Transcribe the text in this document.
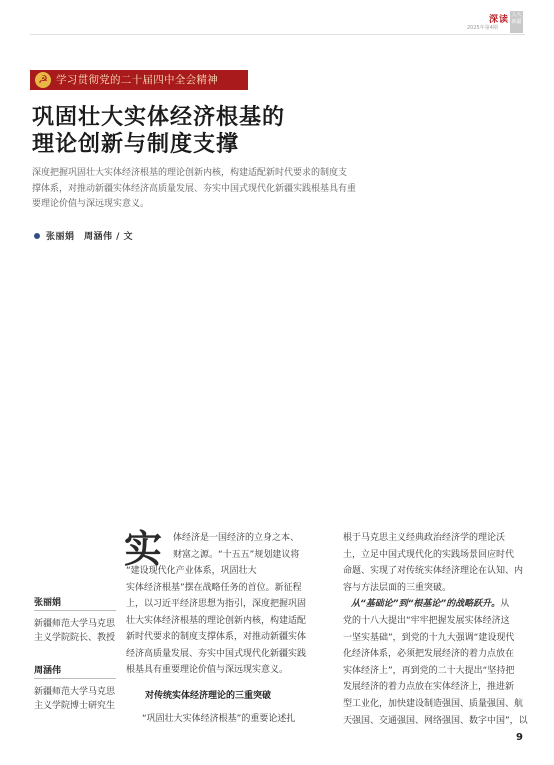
深读
2025年第4期
人大 新疆
学习贯彻党的二十届四中全会精神
☭
巩固壮大实体经济根基的
理论创新与制度支撑
深度把握巩固壮大实体经济根基的理论创新内核，构建适配新时代要求的制度支
撑体系，对推动新疆实体经济高质量发展、夯实中国式现代化新疆实践根基具有重
要理论价值与深远现实意义。
张丽娟　周涵伟 / 文
张丽娟
新疆师范大学马克思
主义学院院长、教授
周涵伟
新疆师范大学马克思
主义学院博士研究生
实 体经济是一国经济的立身之本、
财富之源。“十五五”规划建议将
“建设现代化产业体系，巩固壮大
实体经济根基”摆在战略任务的首位。新征程
上，以习近平经济思想为指引，深度把握巩固
壮大实体经济根基的理论创新内核，构建适配
新时代要求的制度支撑体系，对推动新疆实体
经济高质量发展、夯实中国式现代化新疆实践
根基具有重要理论价值与深远现实意义。
对传统实体经济理论的三重突破
“巩固壮大实体经济根基”的重要论述扎
根于马克思主义经典政治经济学的理论沃
土，立足中国式现代化的实践场景回应时代
命题、实现了对传统实体经济理论在认知、内
容与方法层面的三重突破。
从“基础论”到“根基论”的战略跃升。从
党的十八大提出“牢牢把握发展实体经济这
一坚实基础”，到党的十九大强调“建设现代
化经济体系，必须把发展经济的着力点放在
实体经济上”，再到党的二十大提出“坚持把
发展经济的着力点放在实体经济上，推进新
型工业化，加快建设制造强国、质量强国、航
天强国、交通强国、网络强国、数字中国”，以
9
